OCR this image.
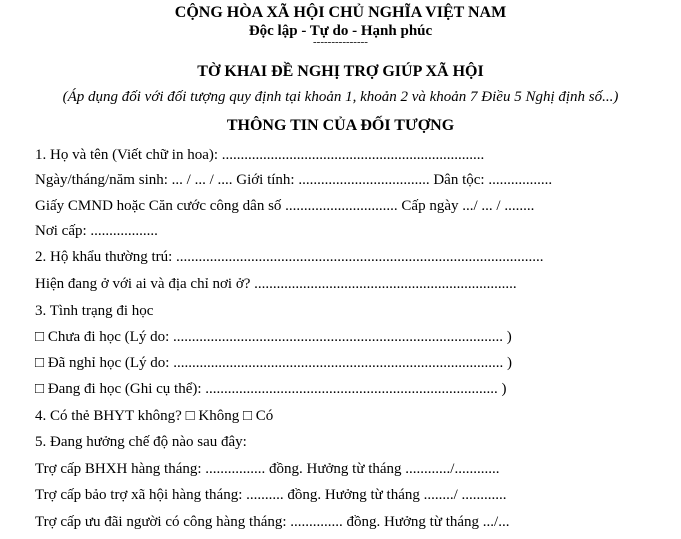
CỘNG HÒA XÃ HỘI CHỦ NGHĨA VIỆT NAM
Độc lập - Tự do - Hạnh phúc
---------------
TỜ KHAI ĐỀ NGHỊ TRỢ GIÚP XÃ HỘI
(Áp dụng đối với đối tượng quy định tại khoản 1, khoản 2 và khoản 7 Điều 5 Nghị định số...)
THÔNG TIN CỦA ĐỐI TƯỢNG
1. Họ và tên (Viết chữ in hoa): ......................................................................
Ngày/tháng/năm sinh: ... / ... / .... Giới tính: ................................... Dân tộc: .................
Giấy CMND hoặc Căn cước công dân số .............................. Cấp ngày .../ ... / ........
Nơi cấp: ..................
2. Hộ khẩu thường trú: ..................................................................................................
Hiện đang ở với ai và địa chỉ nơi ở? ......................................................................
3. Tình trạng đi học
□ Chưa đi học (Lý do: ........................................................................................ )
□ Đã nghỉ học (Lý do: ........................................................................................ )
□ Đang đi học (Ghi cụ thể): .............................................................................. )
4. Có thẻ BHYT không? □ Không □ Có
5. Đang hưởng chế độ nào sau đây:
Trợ cấp BHXH hàng tháng: ................ đồng. Hưởng từ tháng ............/............
Trợ cấp bảo trợ xã hội hàng tháng: .......... đồng. Hưởng từ tháng ......../ ............
Trợ cấp ưu đãi người có công hàng tháng: .............. đồng. Hưởng từ tháng .../...
